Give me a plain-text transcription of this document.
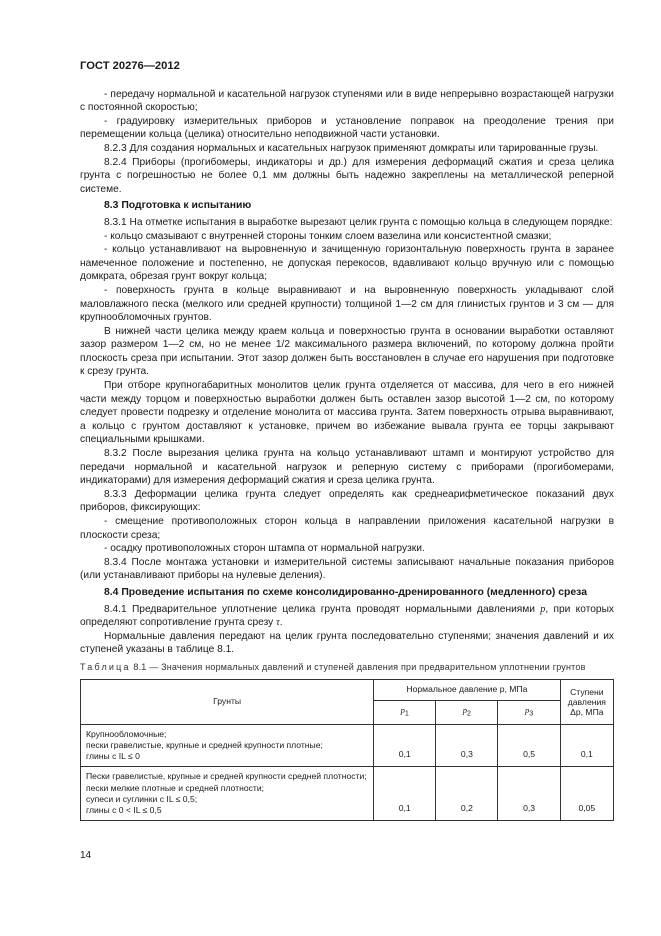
ГОСТ 20276—2012

- передачу нормальной и касательной нагрузок ступенями или в виде непрерывно возрастающей нагрузки с постоянной скоростью;

- градуировку измерительных приборов и установление поправок на преодоление трения при перемещении кольца (целика) относительно неподвижной части установки.

8.2.3 Для создания нормальных и касательных нагрузок применяют домкраты или тарированные грузы.

8.2.4 Приборы (прогибомеры, индикаторы и др.) для измерения деформаций сжатия и среза целика грунта с погрешностью не более 0,1 мм должны быть надежно закреплены на металлической реперной системе.

8.3 Подготовка к испытанию

8.3.1 На отметке испытания в выработке вырезают целик грунта с помощью кольца в следующем порядке:

- кольцо смазывают с внутренней стороны тонким слоем вазелина или консистентной смазки;

- кольцо устанавливают на выровненную и зачищенную горизонтальную поверхность грунта в заранее намеченное положение и постепенно, не допуская перекосов, вдавливают кольцо вручную или с помощью домкрата, обрезая грунт вокруг кольца;

- поверхность грунта в кольце выравнивают и на выровненную поверхность укладывают слой маловлажного песка (мелкого или средней крупности) толщиной 1—2 см для глинистых грунтов и 3 см — для крупнообломочных грунтов.

В нижней части целика между краем кольца и поверхностью грунта в основании выработки оставляют зазор размером 1—2 см, но не менее 1/2 максимального размера включений, по которому должна пройти плоскость среза при испытании. Этот зазор должен быть восстановлен в случае его нарушения при подготовке к срезу грунта.

При отборе крупногабаритных монолитов целик грунта отделяется от массива, для чего в его нижней части между торцом и поверхностью выработки должен быть оставлен зазор высотой 1—2 см, по которому следует провести подрезку и отделение монолита от массива грунта. Затем поверхность отрыва выравнивают, а кольцо с грунтом доставляют к установке, причем во избежание вывала грунта ее торцы закрывают специальными крышками.

8.3.2 После вырезания целика грунта на кольцо устанавливают штамп и монтируют устройство для передачи нормальной и касательной нагрузок и реперную систему с приборами (прогибомерами, индикаторами) для измерения деформаций сжатия и среза целика грунта.

8.3.3 Деформации целика грунта следует определять как среднеарифметическое показаний двух приборов, фиксирующих:

- смещение противоположных сторон кольца в направлении приложения касательной нагрузки в плоскости среза;

- осадку противоположных сторон штампа от нормальной нагрузки.

8.3.4 После монтажа установки и измерительной системы записывают начальные показания приборов (или устанавливают приборы на нулевые деления).

8.4 Проведение испытания по схеме консолидированно-дренированного (медленного) среза

8.4.1 Предварительное уплотнение целика грунта проводят нормальными давлениями p, при которых определяют сопротивление грунта срезу τ.

Нормальные давления передают на целик грунта последовательно ступенями; значения давлений и их ступеней указаны в таблице 8.1.

Таблица 8.1 — Значения нормальных давлений и ступеней давления при предварительном уплотнении грунтов
Грунты	Нормальное давление p, МПа			Ступени давления Δp, МПа
	$p_1$	$p_2$	$p_3$

Крупнообломочные;
пески гравелистые, крупные и средней крупности плотные;
глины с IL ≤ 0	0,1	0,3	0,5	0,1

Пески гравелистые, крупные и средней крупности средней плотности;
пески мелкие плотные и средней плотности;
супеси и суглинки с IL ≤ 0,5;
глины с 0 < IL ≤ 0,5	0,1	0,2	0,3	0,05
14
